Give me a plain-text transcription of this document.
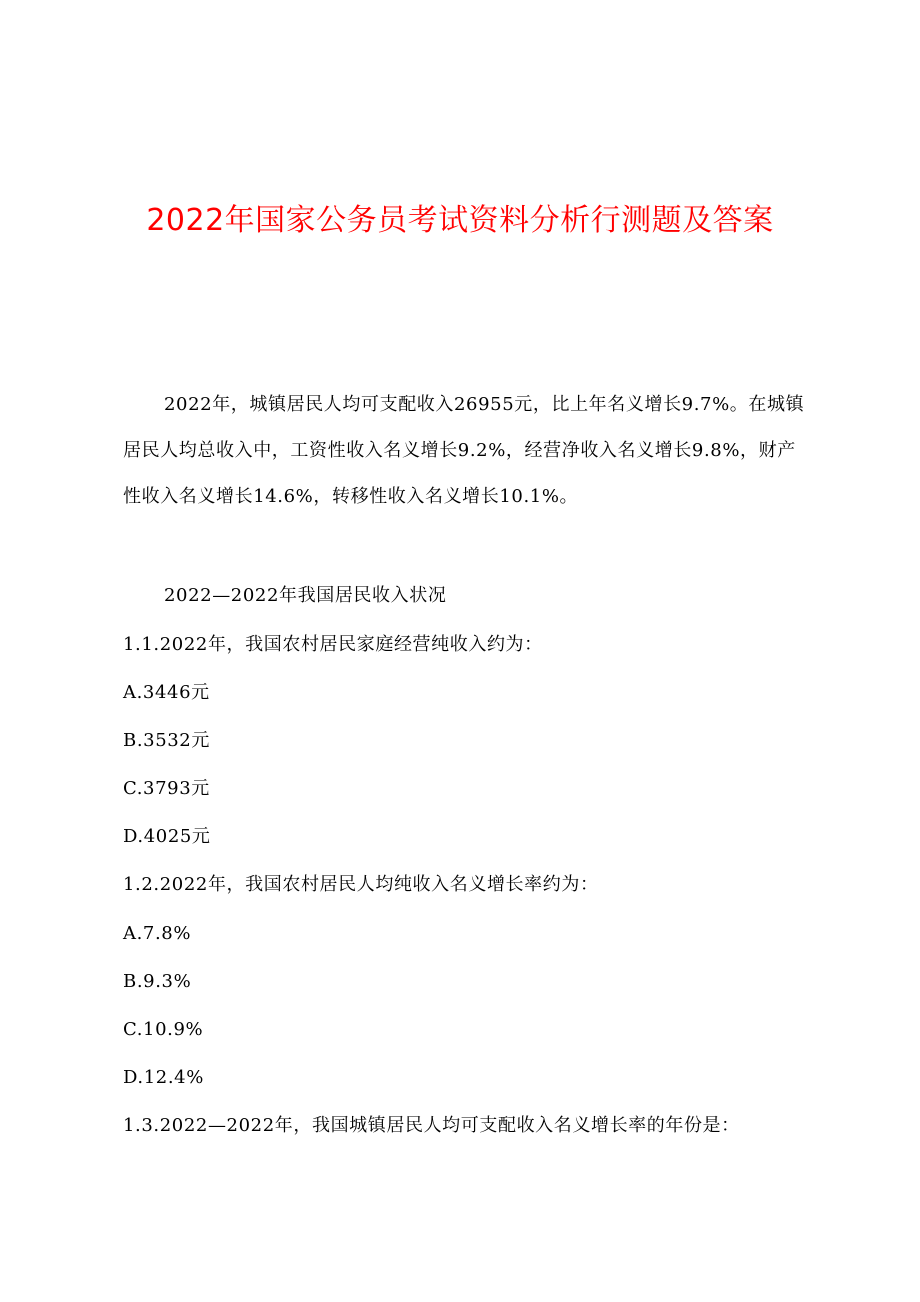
2022年国家公务员考试资料分析行测题及答案
2022年，城镇居民人均可支配收入26955元，比上年名义增长9.7%。在城镇居民人均总收入中，工资性收入名义增长9.2%，经营净收入名义增长9.8%，财产性收入名义增长14.6%，转移性收入名义增长10.1%。
2022—2022年我国居民收入状况
1.1.2022年，我国农村居民家庭经营纯收入约为：
A.3446元
B.3532元
C.3793元
D.4025元
1.2.2022年，我国农村居民人均纯收入名义增长率约为：
A.7.8%
B.9.3%
C.10.9%
D.12.4%
1.3.2022—2022年，我国城镇居民人均可支配收入名义增长率的年份是：
